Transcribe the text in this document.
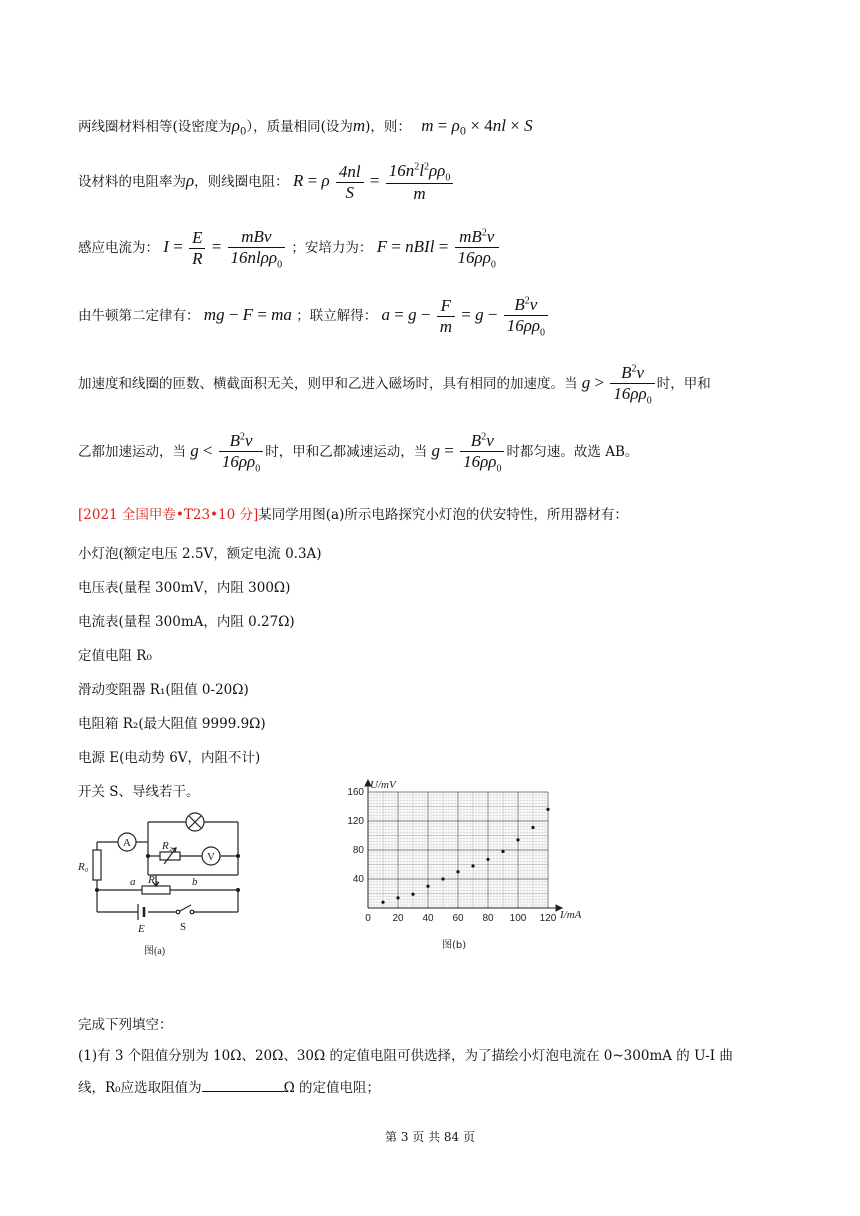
两线圈材料相等(设密度为$\rho_0$），质量相同(设为m)，则： $m = \rho_0 \times 4nl \times S$
设材料的电阻率为ρ，则线圈电阻： R = ρ $\frac{4nl}{S} = \frac{16n^2l^2\rho\rho_0}{m}$
感应电流为： $I = \frac{E}{R} = \frac{\text{mBv}}{16nl\rho\rho_0}$ ；安培力为： F = nBIl = $\frac{mB^2v}{16\rho\rho_0}$
由牛顿第二定律有： mg − F = ma ；联立解得： $a = g - \frac{F}{m} = g - \frac{B^2v}{16\rho\rho_0}$
加速度和线圈的匝数、横截面积无关，则甲和乙进入磁场时，具有相同的加速度。当 $g > \frac{B^2v}{16\rho\rho_0}$ 时，甲和
乙都加速运动，当 $g < \frac{B^2v}{16\rho\rho_0}$ 时，甲和乙都减速运动，当 $g = \frac{B^2v}{16\rho\rho_0}$ 时都匀速。故选 AB。
[2021 全国甲卷•T23•10 分]某同学用图(a)所示电路探究小灯泡的伏安特性，所用器材有：
小灯泡(额定电压 2.5V，额定电流 0.3A)
电压表(量程 300mV，内阻 300Ω)
电流表(量程 300mA，内阻 0.27Ω)
定值电阻 R₀
滑动变阻器 R₁(阻值 0-20Ω)
电阻箱 R₂(最大阻值 9999.9Ω)
电源 E(电动势 6V，内阻不计)
开关 S、导线若干。
A
V
R₂
R₀
R₁
a	b
E	S
图(a)
0 20 40 60 80 100 120
40
80
120
160
U/mV
I/mA
图(b)
完成下列填空：
(1)有 3 个阻值分别为 10Ω、20Ω、30Ω 的定值电阻可供选择，为了描绘小灯泡电流在 0~300mA 的 U-I 曲
线，R₀应选取阻值为	Ω 的定值电阻；
第 3 页 共 84 页
